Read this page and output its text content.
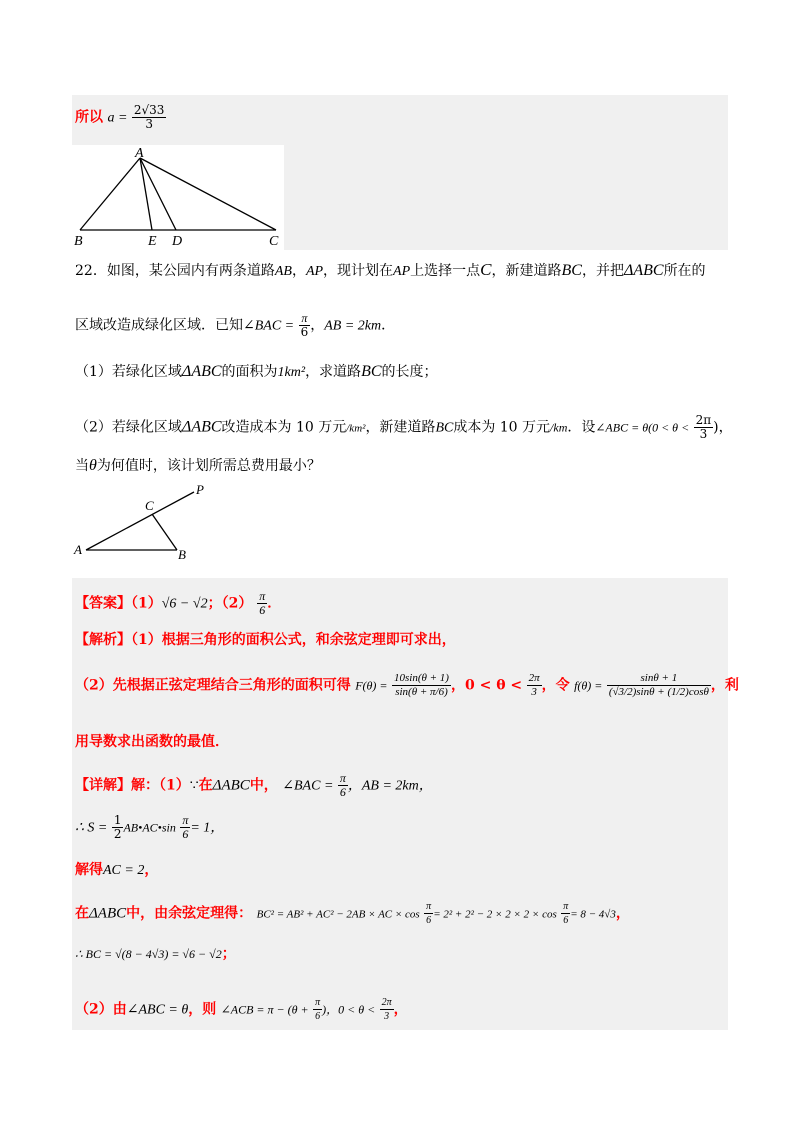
所以 $a = \frac{2√33}{3}$
A
B	E D	C
22．如图，某公园内有两条道路AB，AP，现计划在AP上选择一点C，新建道路BC，并把ΔABC所在的
区域改造成绿化区域．已知∠BAC = $\frac{\pi}{6}$ ，AB = 2km．
（1）若绿化区域ΔABC的面积为1km²，求道路BC的长度；
（2）若绿化区域ΔABC改造成本为 10 万元/km²，新建道路BC成本为 10 万元/km．设∠ABC = $\theta(0 < \theta < \frac{2\pi}{3}$ )，
当θ为何值时，该计划所需总费用最小？
P
C
A	B
【答案】（1）√6 − √2；$(2) \frac{\pi}{6}$ ．
【解析】（1）根据三角形的面积公式，和余弦定理即可求出，
（2）先根据正弦定理结合三角形的面积可得 $F(\theta) = \frac{10\sin(\theta + 1)}{\sin(\theta + \pi/6)}$ ，$0 < \theta < \frac{2\pi}{3}$ ，令 $f(\theta) = \frac{\sin\theta + 1}{(√3/2)\sin\theta + (1/2)\cos\theta}$ ，利
用导数求出函数的最值．
【详解】解：（1）∵在ΔABC中， ∠BAC = $\frac{\pi}{6}$ ，AB = 2km，
∴ $S = \frac{1}{2}$ AB•AC•sin $\frac{\pi}{6} = 1$，
解得AC = 2，
在ΔABC中，由余弦定理得： BC² = AB² + AC² − 2AB × AC × $\cos \frac{\pi}{6} = 2^2 + 2^2 - 2 \times 2 \times 2 \times \cos \frac{\pi}{6} = 8 - 4√3$，
∴ BC = √(8 − 4√3) = √6 − √2；
（2）由∠ABC = θ，则 ∠ACB = $\pi - (\theta + \frac{\pi}{6}$ )，$0 < \theta < \frac{2\pi}{3}$ ，
